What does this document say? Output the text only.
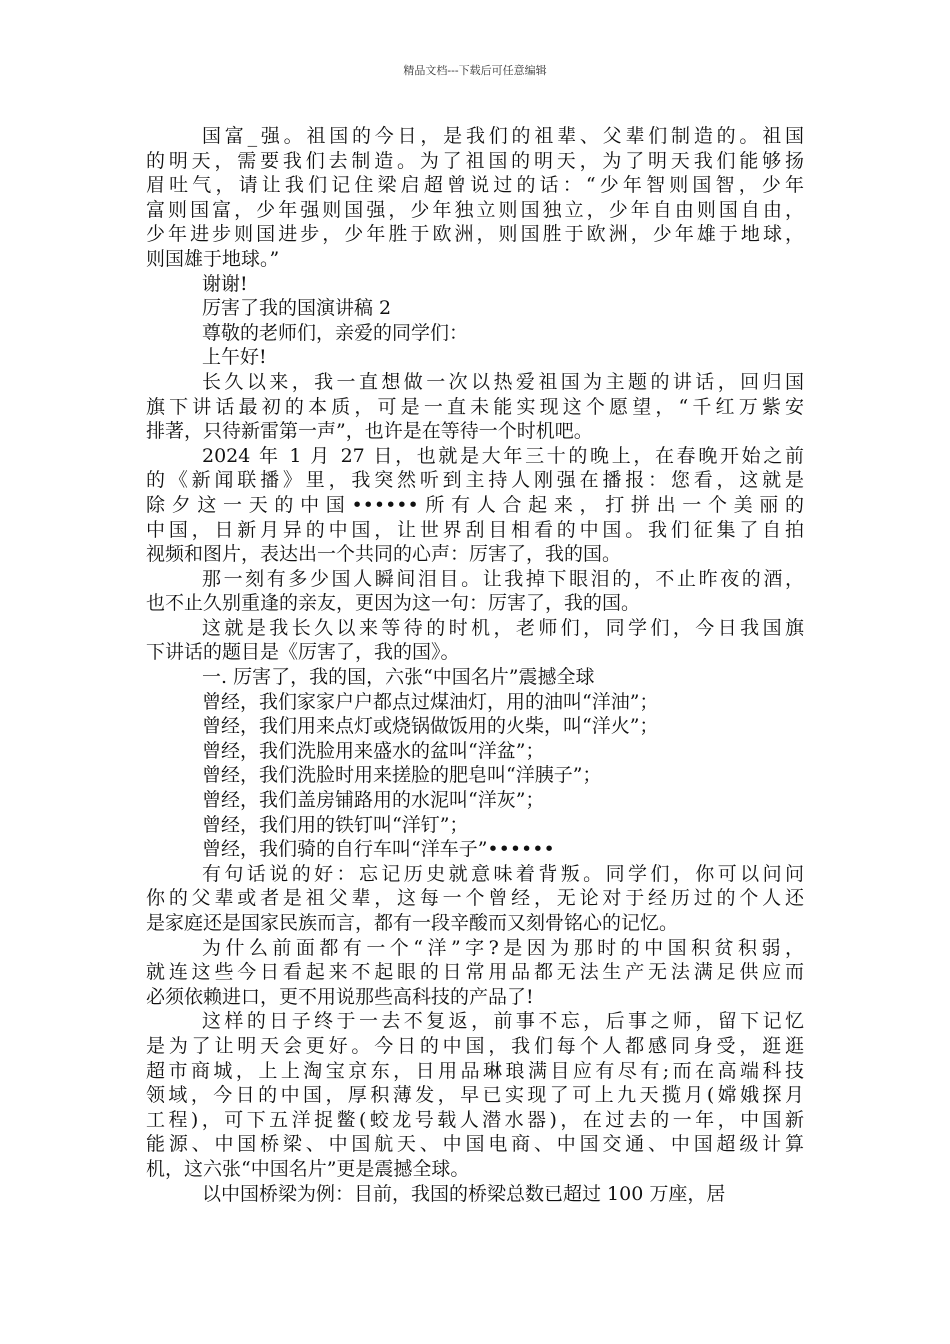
精品文档---下载后可任意编辑
国富_强。祖国的今日，是我们的祖辈、父辈们制造的。祖国
的明天，需要我们去制造。为了祖国的明天，为了明天我们能够扬
眉吐气，请让我们记住梁启超曾说过的话：“少年智则国智，少年
富则国富，少年强则国强，少年独立则国独立，少年自由则国自由，
少年进步则国进步，少年胜于欧洲，则国胜于欧洲，少年雄于地球，
则国雄于地球。”
谢谢!
厉害了我的国演讲稿 2
尊敬的老师们，亲爱的同学们：
上午好!
长久以来，我一直想做一次以热爱祖国为主题的讲话，回归国
旗下讲话最初的本质，可是一直未能实现这个愿望，“千红万紫安
排著，只待新雷第一声”，也许是在等待一个时机吧。
2024 年 1 月 27 日，也就是大年三十的晚上，在春晚开始之前
的《新闻联播》里，我突然听到主持人刚强在播报：您看，这就是
除夕这一天的中国••••••所有人合起来，打拼出一个美丽的
中国，日新月异的中国，让世界刮目相看的中国。我们征集了自拍
视频和图片，表达出一个共同的心声：厉害了，我的国。
那一刻有多少国人瞬间泪目。让我掉下眼泪的，不止昨夜的酒，
也不止久别重逢的亲友，更因为这一句：厉害了，我的国。
这就是我长久以来等待的时机，老师们，同学们，今日我国旗
下讲话的题目是《厉害了，我的国》。
一. 厉害了，我的国，六张“中国名片”震撼全球
曾经，我们家家户户都点过煤油灯，用的油叫“洋油”；
曾经，我们用来点灯或烧锅做饭用的火柴，叫“洋火”；
曾经，我们洗脸用来盛水的盆叫“洋盆”；
曾经，我们洗脸时用来搓脸的肥皂叫“洋胰子”；
曾经，我们盖房铺路用的水泥叫“洋灰”；
曾经，我们用的铁钉叫“洋钉”；
曾经，我们骑的自行车叫“洋车子”••••••
有句话说的好：忘记历史就意味着背叛。同学们，你可以问问
你的父辈或者是祖父辈，这每一个曾经，无论对于经历过的个人还
是家庭还是国家民族而言，都有一段辛酸而又刻骨铭心的记忆。
为什么前面都有一个“洋”字?是因为那时的中国积贫积弱，
就连这些今日看起来不起眼的日常用品都无法生产无法满足供应而
必须依赖进口，更不用说那些高科技的产品了!
这样的日子终于一去不复返，前事不忘，后事之师，留下记忆
是为了让明天会更好。今日的中国，我们每个人都感同身受，逛逛
超市商城，上上淘宝京东，日用品琳琅满目应有尽有;而在高端科技
领域，今日的中国，厚积薄发，早已实现了可上九天揽月(嫦娥探月
工程)，可下五洋捉鳖(蛟龙号载人潜水器)，在过去的一年，中国新
能源、中国桥梁、中国航天、中国电商、中国交通、中国超级计算
机，这六张“中国名片”更是震撼全球。
以中国桥梁为例：目前，我国的桥梁总数已超过 100 万座，居
